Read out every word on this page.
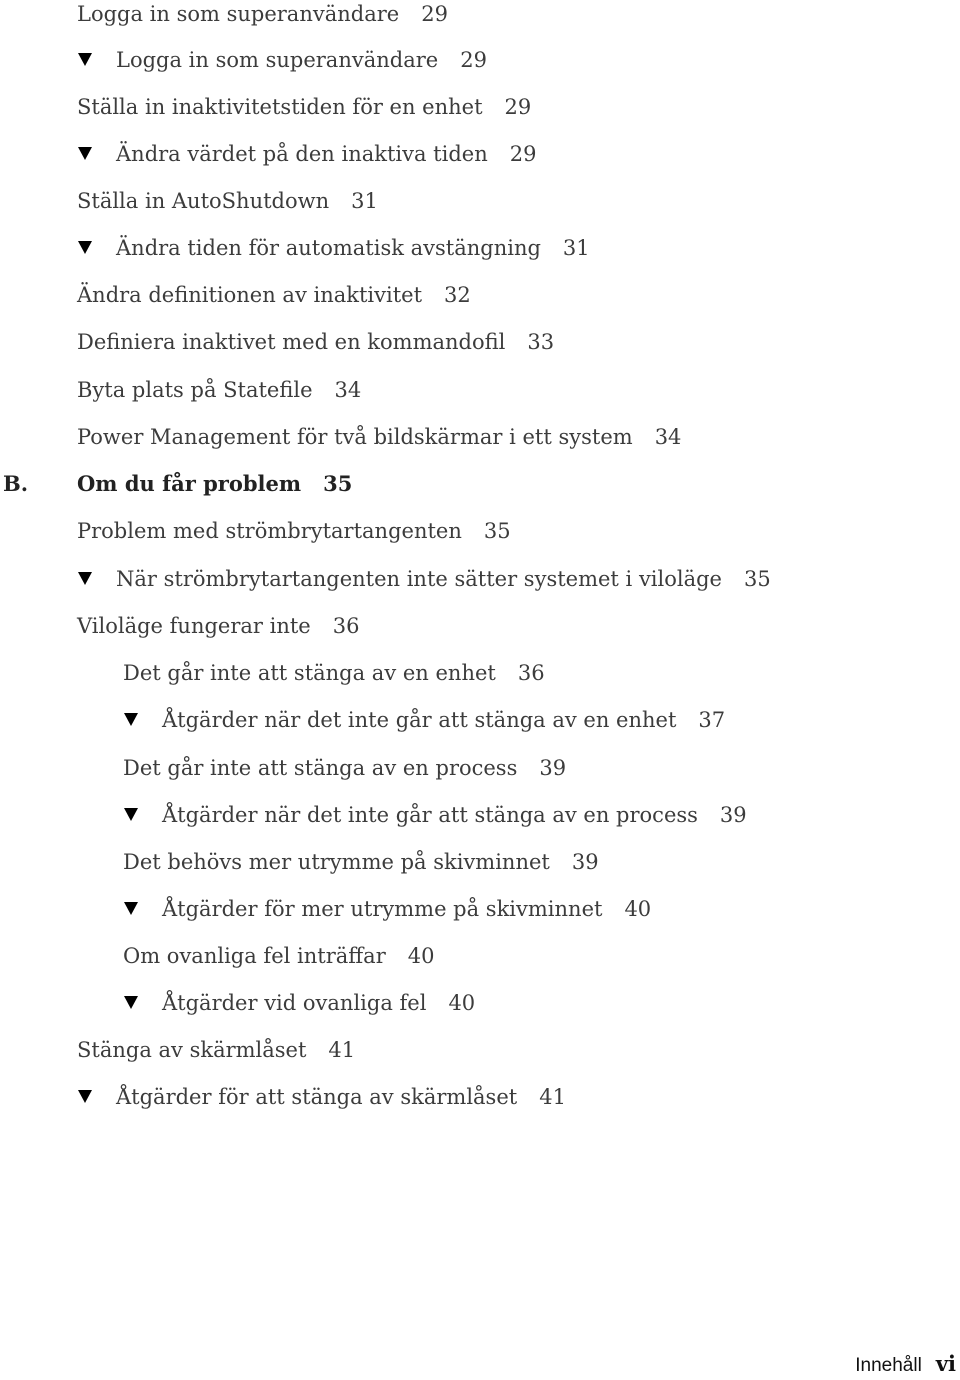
Logga in som superanvändare 29
Logga in som superanvändare 29
Ställa in inaktivitetstiden för en enhet 29
Ändra värdet på den inaktiva tiden 29
Ställa in AutoShutdown 31
Ändra tiden för automatisk avstängning 31
Ändra definitionen av inaktivitet 32
Definiera inaktivet med en kommandofil 33
Byta plats på Statefile 34
Power Management för två bildskärmar i ett system 34
B. Om du får problem 35
Problem med strömbrytartangenten 35
När strömbrytartangenten inte sätter systemet i viloläge 35
Viloläge fungerar inte 36
Det går inte att stänga av en enhet 36
Åtgärder när det inte går att stänga av en enhet 37
Det går inte att stänga av en process 39
Åtgärder när det inte går att stänga av en process 39
Det behövs mer utrymme på skivminnet 39
Åtgärder för mer utrymme på skivminnet 40
Om ovanliga fel inträffar 40
Åtgärder vid ovanliga fel 40
Stänga av skärmlåset 41
Åtgärder för att stänga av skärmlåset 41
Innehåll vi
